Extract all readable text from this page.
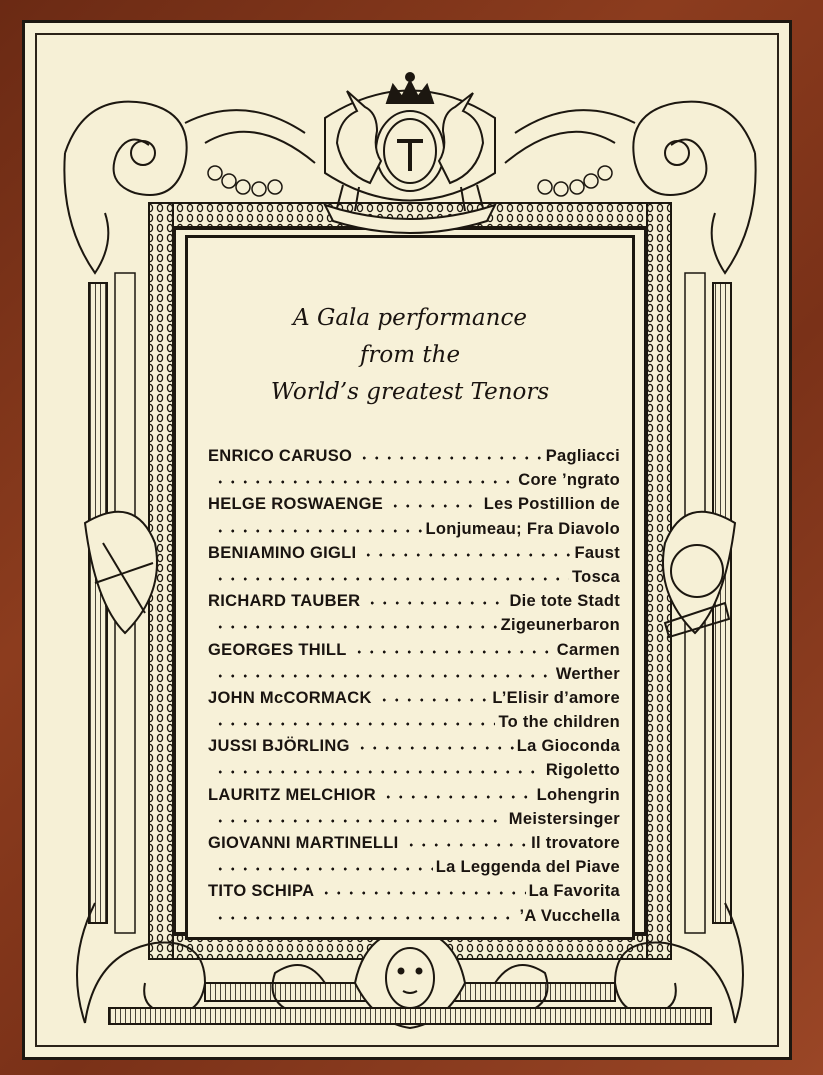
A Gala performance
from the
World’s greatest Tenors
ENRICO CARUSO	Pagliacci
Core ’ngrato
HELGE ROSWAENGE	Les Postillion de
Lonjumeau; Fra Diavolo
BENIAMINO GIGLI	Faust
Tosca
RICHARD TAUBER	Die tote Stadt
Zigeunerbaron
GEORGES THILL	Carmen
Werther
JOHN McCORMACK	L’Elisir d’amore
To the children
JUSSI BJÖRLING	La Gioconda
Rigoletto
LAURITZ MELCHIOR	Lohengrin
Meistersinger
GIOVANNI MARTINELLI	Il trovatore
La Leggenda del Piave
TITO SCHIPA	La Favorita
’A Vucchella
